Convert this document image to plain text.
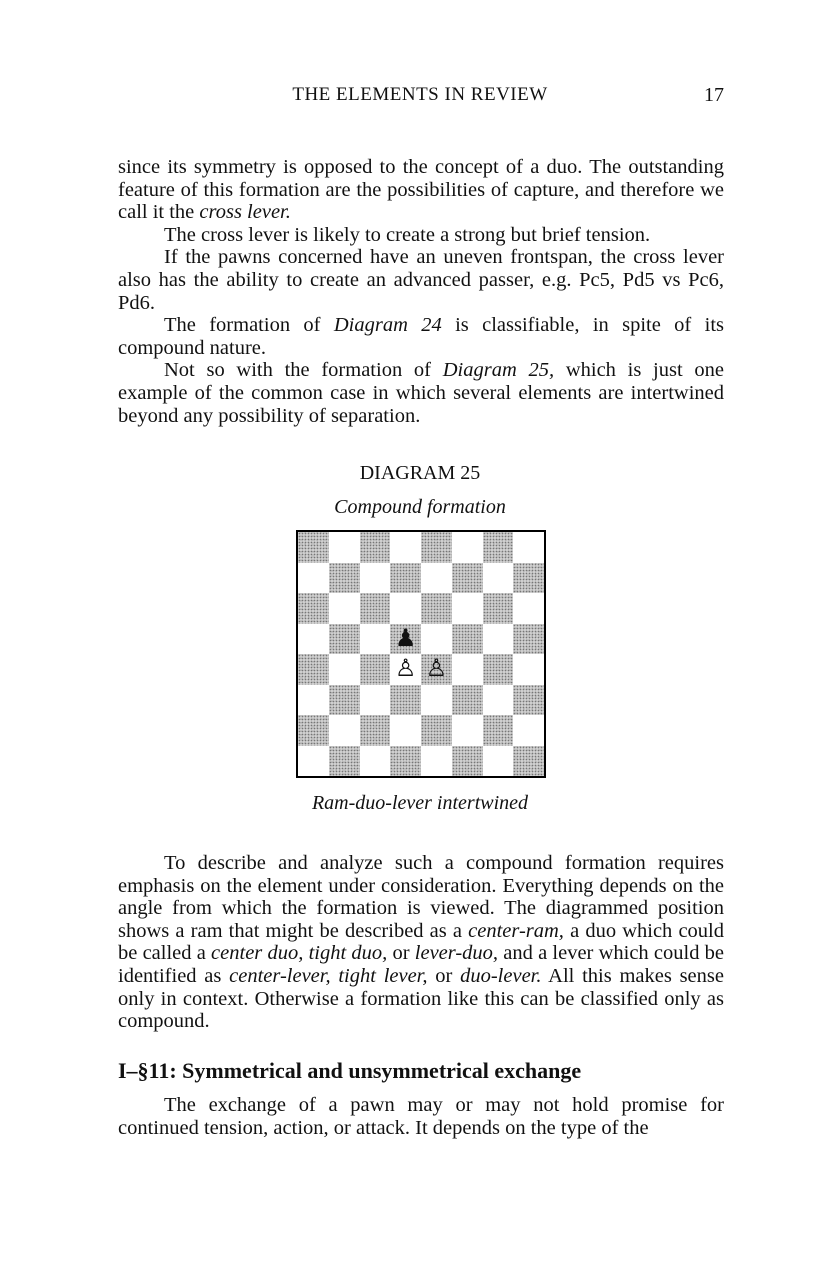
THE ELEMENTS IN REVIEW	17

since its symmetry is opposed to the concept of a duo. The outstanding feature of this formation are the possibilities of capture, and therefore we call it the cross lever.

The cross lever is likely to create a strong but brief tension.

If the pawns concerned have an uneven frontspan, the cross lever also has the ability to create an advanced passer, e.g. Pc5, Pd5 vs Pc6, Pd6.

The formation of Diagram 24 is classifiable, in spite of its compound nature.

Not so with the formation of Diagram 25, which is just one example of the common case in which several elements are intertwined beyond any possibility of separation.

DIAGRAM 25
Compound formation
♟
♙ ♙
Ram-duo-lever intertwined

To describe and analyze such a compound formation requires emphasis on the element under consideration. Everything depends on the angle from which the formation is viewed. The diagrammed position shows a ram that might be described as a center-ram, a duo which could be called a center duo, tight duo, or lever-duo, and a lever which could be identified as center-lever, tight lever, or duo-lever. All this makes sense only in context. Otherwise a formation like this can be classified only as compound.

I–§11: Symmetrical and unsymmetrical exchange

The exchange of a pawn may or may not hold promise for continued tension, action, or attack. It depends on the type of the
